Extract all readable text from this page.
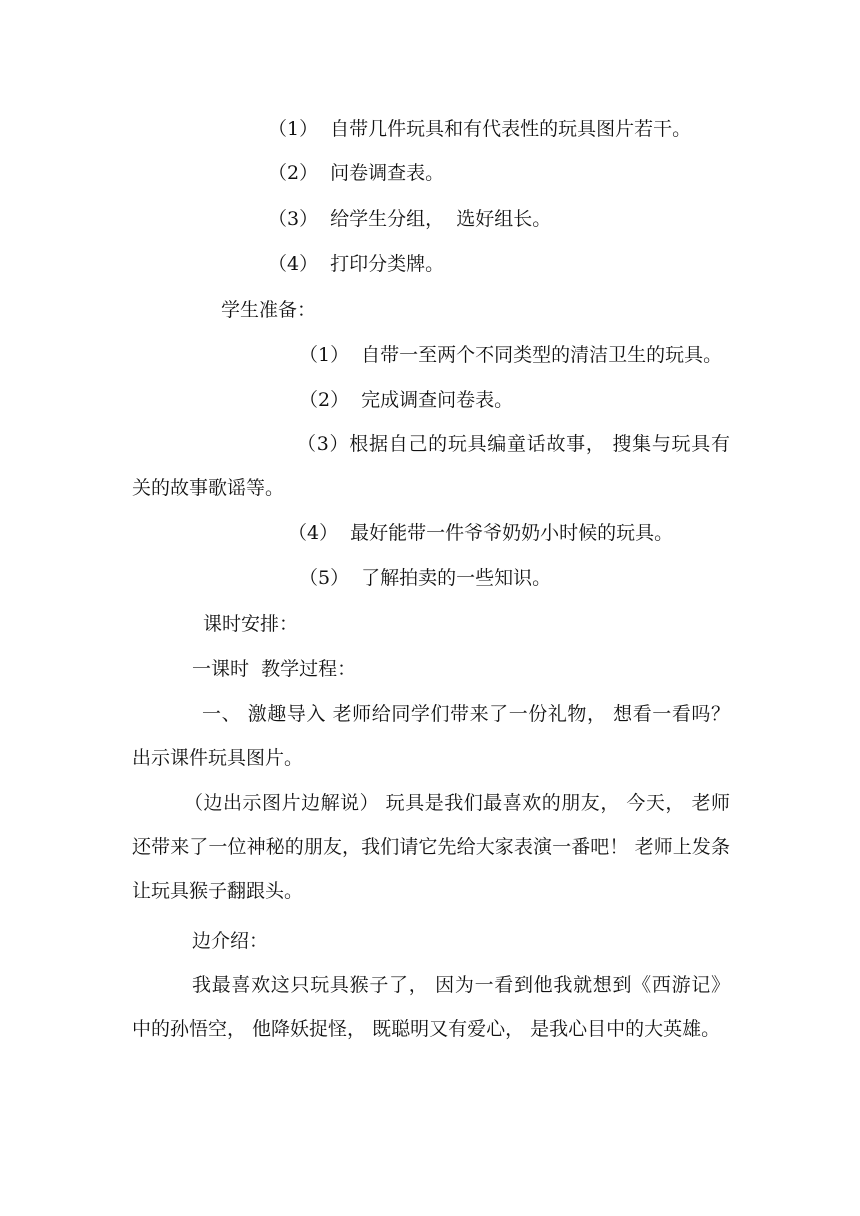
（1）  自带几件玩具和有代表性的玩具图片若干。
（2）  问卷调查表。
（3）  给学生分组，  选好组长。
（4）  打印分类牌。
学生准备：
（1）  自带一至两个不同类型的清洁卫生的玩具。
（2）  完成调查问卷表。
（3）根据自己的玩具编童话故事， 搜集与玩具有关的故事歌谣等。
（4）  最好能带一件爷爷奶奶小时候的玩具。
（5）  了解拍卖的一些知识。
课时安排：
一课时  教学过程：
一、 激趣导入 老师给同学们带来了一份礼物， 想看一看吗？ 出示课件玩具图片。
（边出示图片边解说） 玩具是我们最喜欢的朋友， 今天， 老师还带来了一位神秘的朋友，我们请它先给大家表演一番吧！ 老师上发条让玩具猴子翻跟头。
边介绍：
我最喜欢这只玩具猴子了， 因为一看到他我就想到《西游记》中的孙悟空， 他降妖捉怪， 既聪明又有爱心， 是我心目中的大英雄。
